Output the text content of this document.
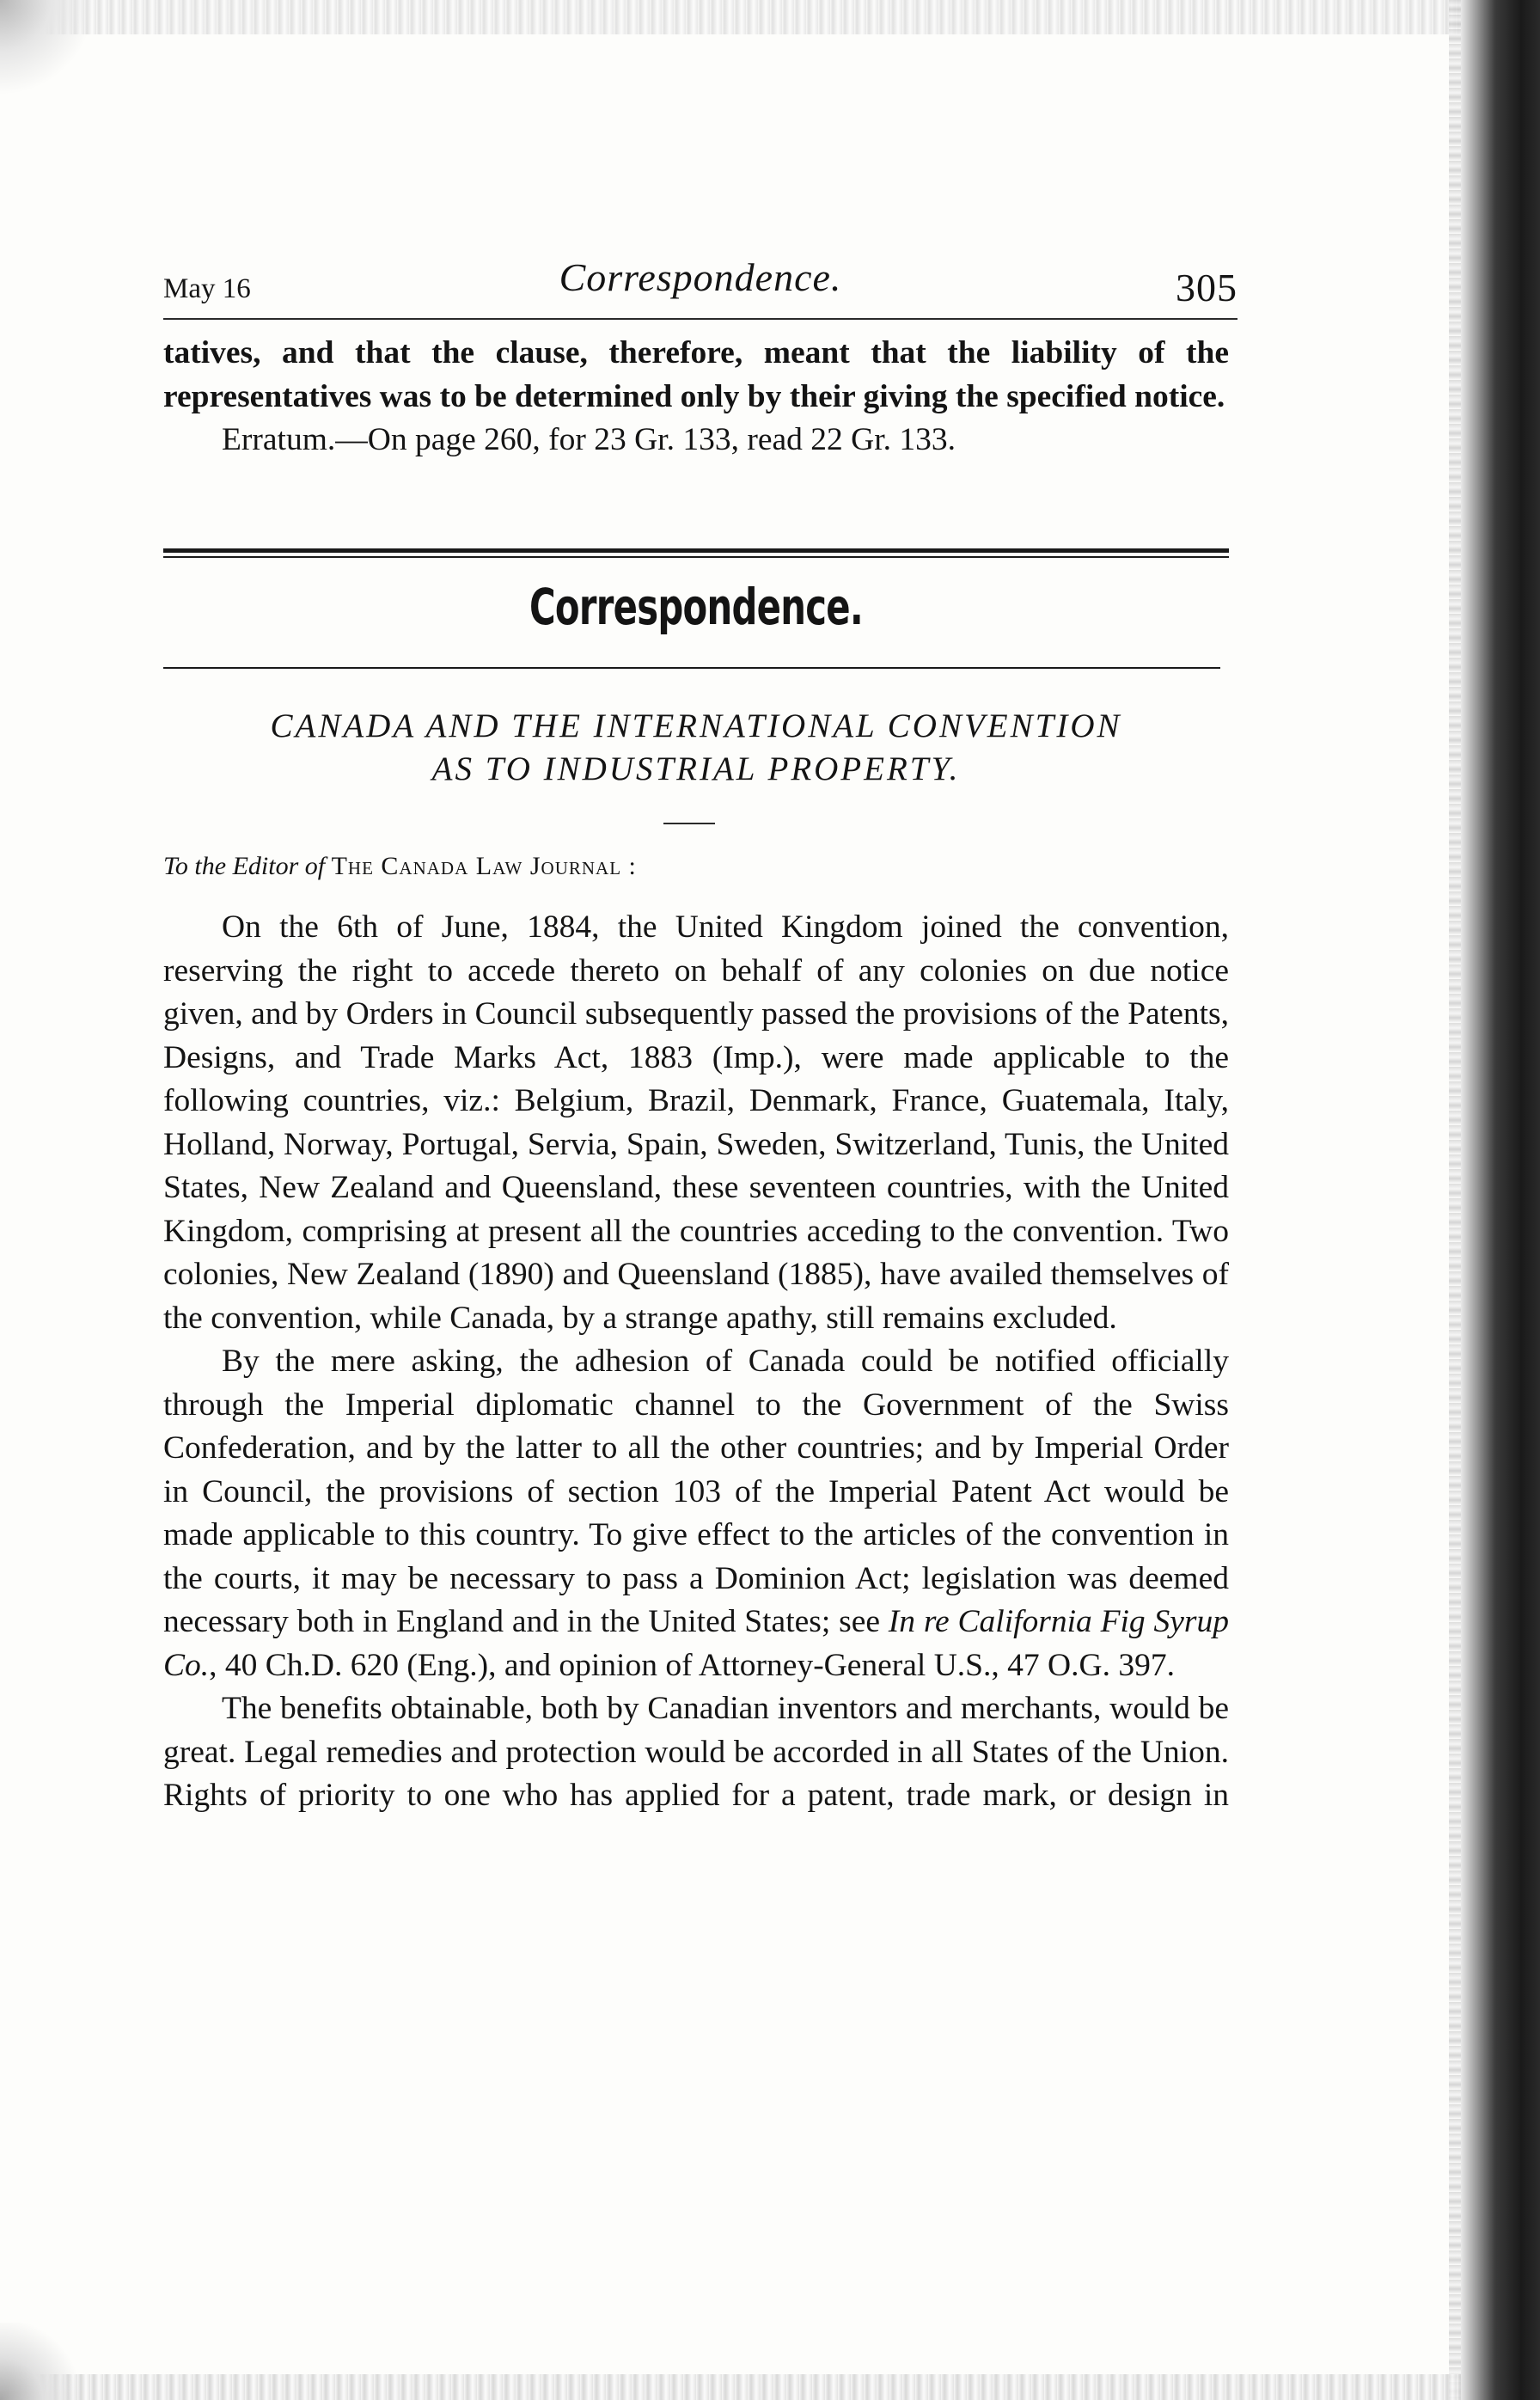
May 16	Correspondence.	305

tatives, and that the clause, therefore, meant that the liability of the representatives was to be determined only by their giving the specified notice.

Erratum.—On page 260, for 23 Gr. 133, read 22 Gr. 133.

Correspondence.
CANADA AND THE INTERNATIONAL CONVENTION
AS TO INDUSTRIAL PROPERTY.
To the Editor of The Canada Law Journal :

On the 6th of June, 1884, the United Kingdom joined the convention, reserving the right to accede thereto on behalf of any colonies on due notice given, and by Orders in Council subsequently passed the provisions of the Patents, Designs, and Trade Marks Act, 1883 (Imp.), were made applicable to the following countries, viz.: Belgium, Brazil, Denmark, France, Guatemala, Italy, Holland, Norway, Portugal, Servia, Spain, Sweden, Switzerland, Tunis, the United States, New Zealand and Queensland, these seventeen countries, with the United Kingdom, comprising at present all the countries acceding to the convention. Two colonies, New Zealand (1890) and Queensland (1885), have availed themselves of the convention, while Canada, by a strange apathy, still remains excluded.

By the mere asking, the adhesion of Canada could be notified officially through the Imperial diplomatic channel to the Government of the Swiss Confederation, and by the latter to all the other countries; and by Imperial Order in Council, the provisions of section 103 of the Imperial Patent Act would be made applicable to this country. To give effect to the articles of the convention in the courts, it may be necessary to pass a Dominion Act; legislation was deemed necessary both in England and in the United States; see In re California Fig Syrup Co., 40 Ch.D. 620 (Eng.), and opinion of Attorney-General U.S., 47 O.G. 397.

The benefits obtainable, both by Canadian inventors and merchants, would be great. Legal remedies and protection would be accorded in all States of the Union. Rights of priority to one who has applied for a patent, trade mark, or design in
